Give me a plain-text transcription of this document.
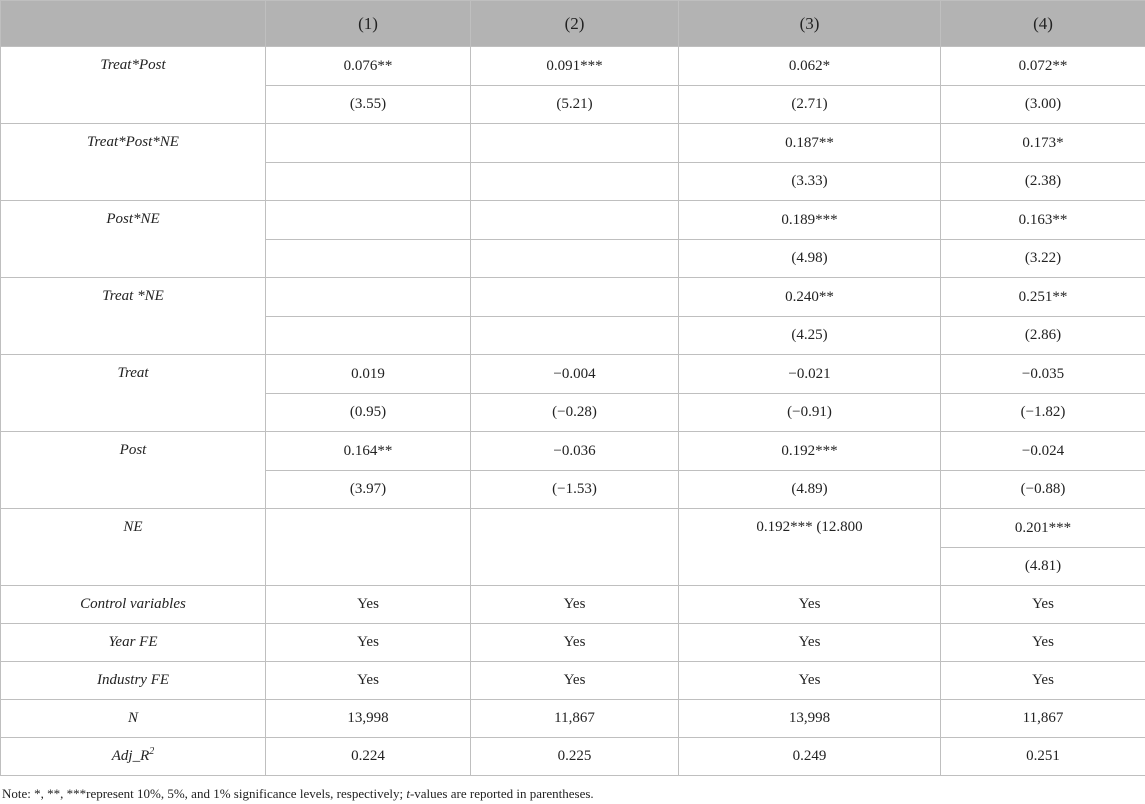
	(1)	(2)	(3)	(4)
Treat*Post	0.076**	0.091***	0.062*	0.072**
	(3.55)	(5.21)	(2.71)	(3.00)
Treat*Post*NE			0.187**	0.173*
			(3.33)	(2.38)
Post*NE			0.189***	0.163**
			(4.98)	(3.22)
Treat *NE			0.240**	0.251**
			(4.25)	(2.86)
Treat	0.019	−0.004	−0.021	−0.035
	(0.95)	(−0.28)	(−0.91)	(−1.82)
Post	0.164**	−0.036	0.192***	−0.024
	(3.97)	(−1.53)	(4.89)	(−0.88)
NE			0.192*** (12.800	0.201***
				(4.81)
Control variables	Yes	Yes	Yes	Yes
Year FE	Yes	Yes	Yes	Yes
Industry FE	Yes	Yes	Yes	Yes
N	13,998	11,867	13,998	11,867
$Adj\_R^2$	0.224	0.225	0.249	0.251

Note: *, **, ***represent 10%, 5%, and 1% significance levels, respectively; t-values are reported in parentheses.
